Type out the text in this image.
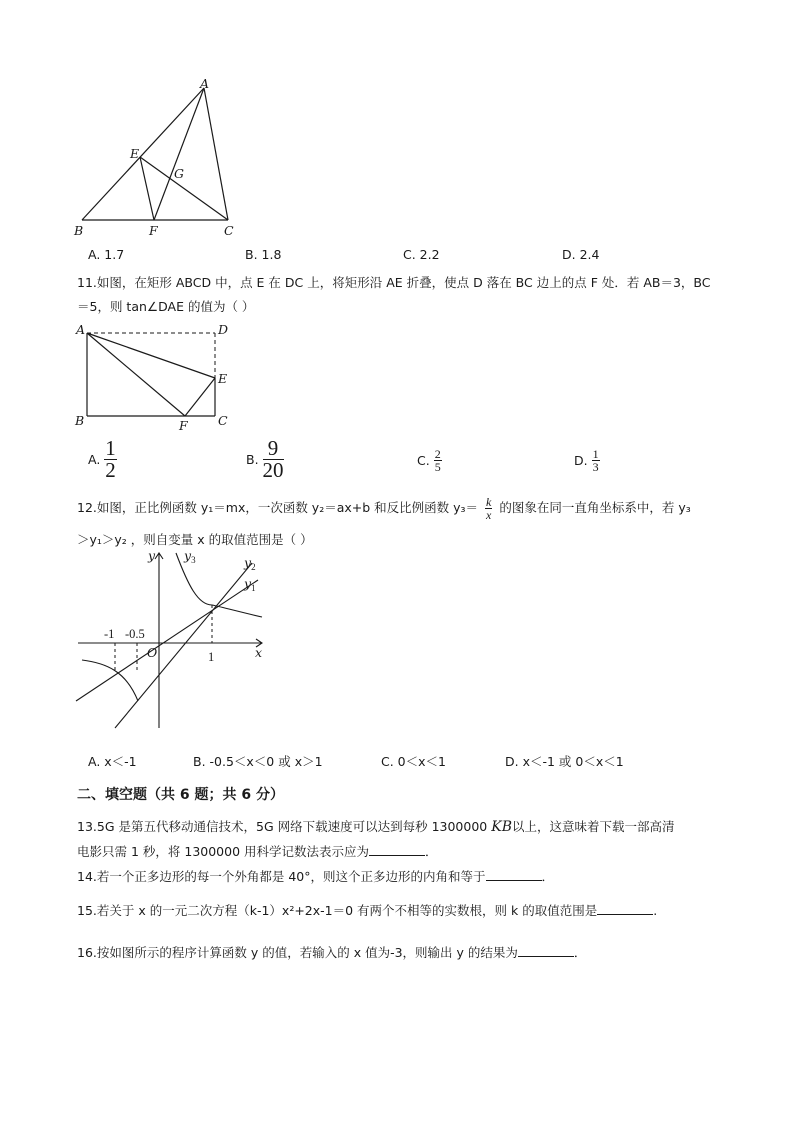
A
E
G
B	F	C
A. 1.7	B. 1.8	C. 2.2	D. 2.4
11.如图，在矩形 ABCD 中，点 E 在 DC 上，将矩形沿 AE 折叠，使点 D 落在 BC 边上的点 F 处．若 AB＝3，BC
＝5，则 tan∠DAE 的值为（ ）
A	D
E
B	F C
A. $\frac{1}{2}$	B. $\frac{9}{20}$	C. $\frac{2}{5}$	D. $\frac{1}{3}$
12.如图，正比例函数 y₁＝mx，一次函数 y₂＝ax+b 和反比例函数 $y_3= \frac{k}{x}$ 的图象在同一直角坐标系中，若 y₃
＞y₁＞y₂ ，则自变量 x 的取值范围是（ ）
y
x
O
-1 -0.5
1
$y_3$	$y_2$
$y_1$
A. x＜-1	B. -0.5＜x＜0 或 x＞1	C. 0＜x＜1	D. x＜-1 或 0＜x＜1
二、填空题（共 6 题；共 6 分）
13.5G 是第五代移动通信技术，5G 网络下载速度可以达到每秒 1300000 KB以上，这意味着下载一部高清
电影只需 1 秒，将 1300000 用科学记数法表示应为	．
14.若一个正多边形的每一个外角都是 40°，则这个正多边形的内角和等于	．
15.若关于 x 的一元二次方程（k-1）x²+2x-1＝0 有两个不相等的实数根，则 k 的取值范围是	.
16.按如图所示的程序计算函数 y 的值，若输入的 x 值为-3，则输出 y 的结果为	．
